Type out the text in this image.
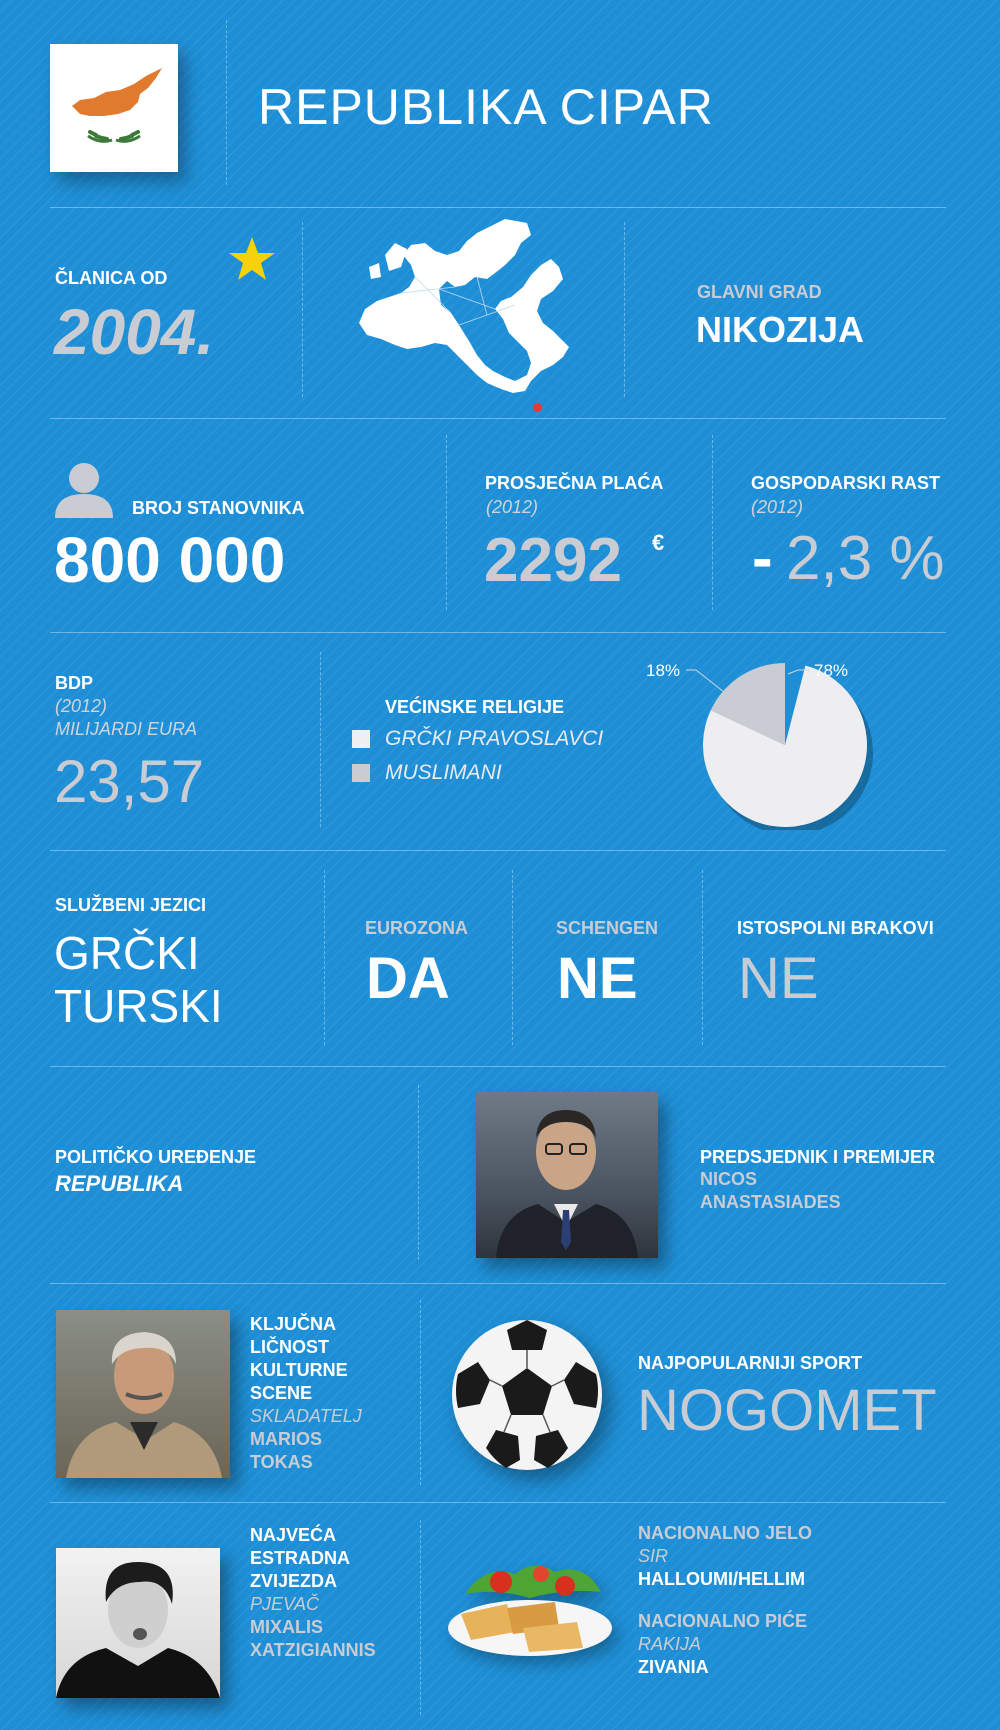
REPUBLIKA CIPAR
ČLANICA OD
2004.
GLAVNI GRAD
NIKOZIJA
BROJ STANOVNIKA
800 000
PROSJEČNA PLAĆA
(2012)
2292 €
GOSPODARSKI RAST
(2012)
- 2,3 %
BDP
(2012)
MILIJARDI EURA
23,57
VEĆINSKE RELIGIJE
GRČKI PRAVOSLAVCI
MUSLIMANI
18%	78%
SLUŽBENI JEZICI
GRČKI
TURSKI
EUROZONA
DA
SCHENGEN
NE
ISTOSPOLNI BRAKOVI
NE
POLITIČKO UREĐENJE
REPUBLIKA
PREDSJEDNIK I PREMIJER
NICOS
ANASTASIADES
KLJUČNA
LIČNOST
KULTURNE
SCENE
SKLADATELJ
MARIOS
TOKAS
NAJPOPULARNIJI SPORT
NOGOMET
NAJVEĆA
ESTRADNA
ZVIJEZDA
PJEVAČ
MIXALIS
XATZIGIANNIS
NACIONALNO JELO
SIR
HALLOUMI/HELLIM
NACIONALNO PIĆE
RAKIJA
ZIVANIA
